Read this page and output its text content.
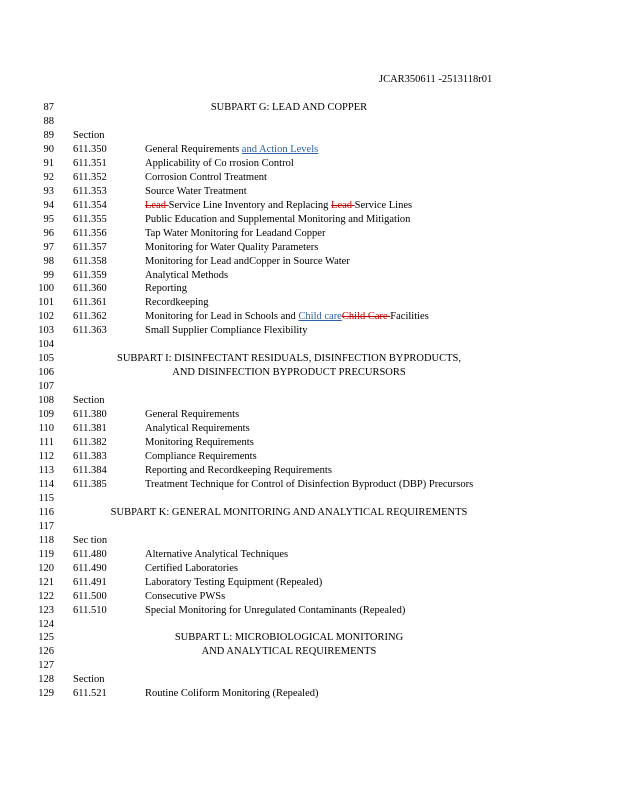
JCAR350611 -2513118r01
87	SUBPART G: LEAD AND COPPER
88
89 Section
90 611.350	General Requirements and Action Levels
91 611.351	Applicability of Co rrosion Control
92 611.352	Corrosion Control Treatment
93 611.353	Source Water Treatment
94 611.354	Lead Service Line Inventory and Replacing Lead Service Lines
95 611.355	Public Education and Supplemental Monitoring and Mitigation
96 611.356	Tap Water Monitoring for Leadand Copper
97 611.357	Monitoring for Water Quality Parameters
98 611.358	Monitoring for Lead andCopper in Source Water
99 611.359	Analytical Methods
100 611.360	Reporting
101 611.361	Recordkeeping
102 611.362	Monitoring for Lead in Schools and Child careChild Care Facilities
103 611.363	Small Supplier Compliance Flexibility
104
105	SUBPART I: DISINFECTANT RESIDUALS, DISINFECTION BYPRODUCTS,
106	AND DISINFECTION BYPRODUCT PRECURSORS
107
108 Section
109 611.380	General Requirements
110 611.381	Analytical Requirements
111 611.382	Monitoring Requirements
112 611.383	Compliance Requirements
113 611.384	Reporting and Recordkeeping Requirements
114 611.385	Treatment Technique for Control of Disinfection Byproduct (DBP) Precursors
115
116	SUBPART K: GENERAL MONITORING AND ANALYTICAL REQUIREMENTS
117
118 Sec tion
119 611.480	Alternative Analytical Techniques
120 611.490	Certified Laboratories
121 611.491	Laboratory Testing Equipment (Repealed)
122 611.500	Consecutive PWSs
123 611.510	Special Monitoring for Unregulated Contaminants (Repealed)
124
125	SUBPART L: MICROBIOLOGICAL MONITORING
126	AND ANALYTICAL REQUIREMENTS
127
128 Section
129 611.521	Routine Coliform Monitoring (Repealed)
